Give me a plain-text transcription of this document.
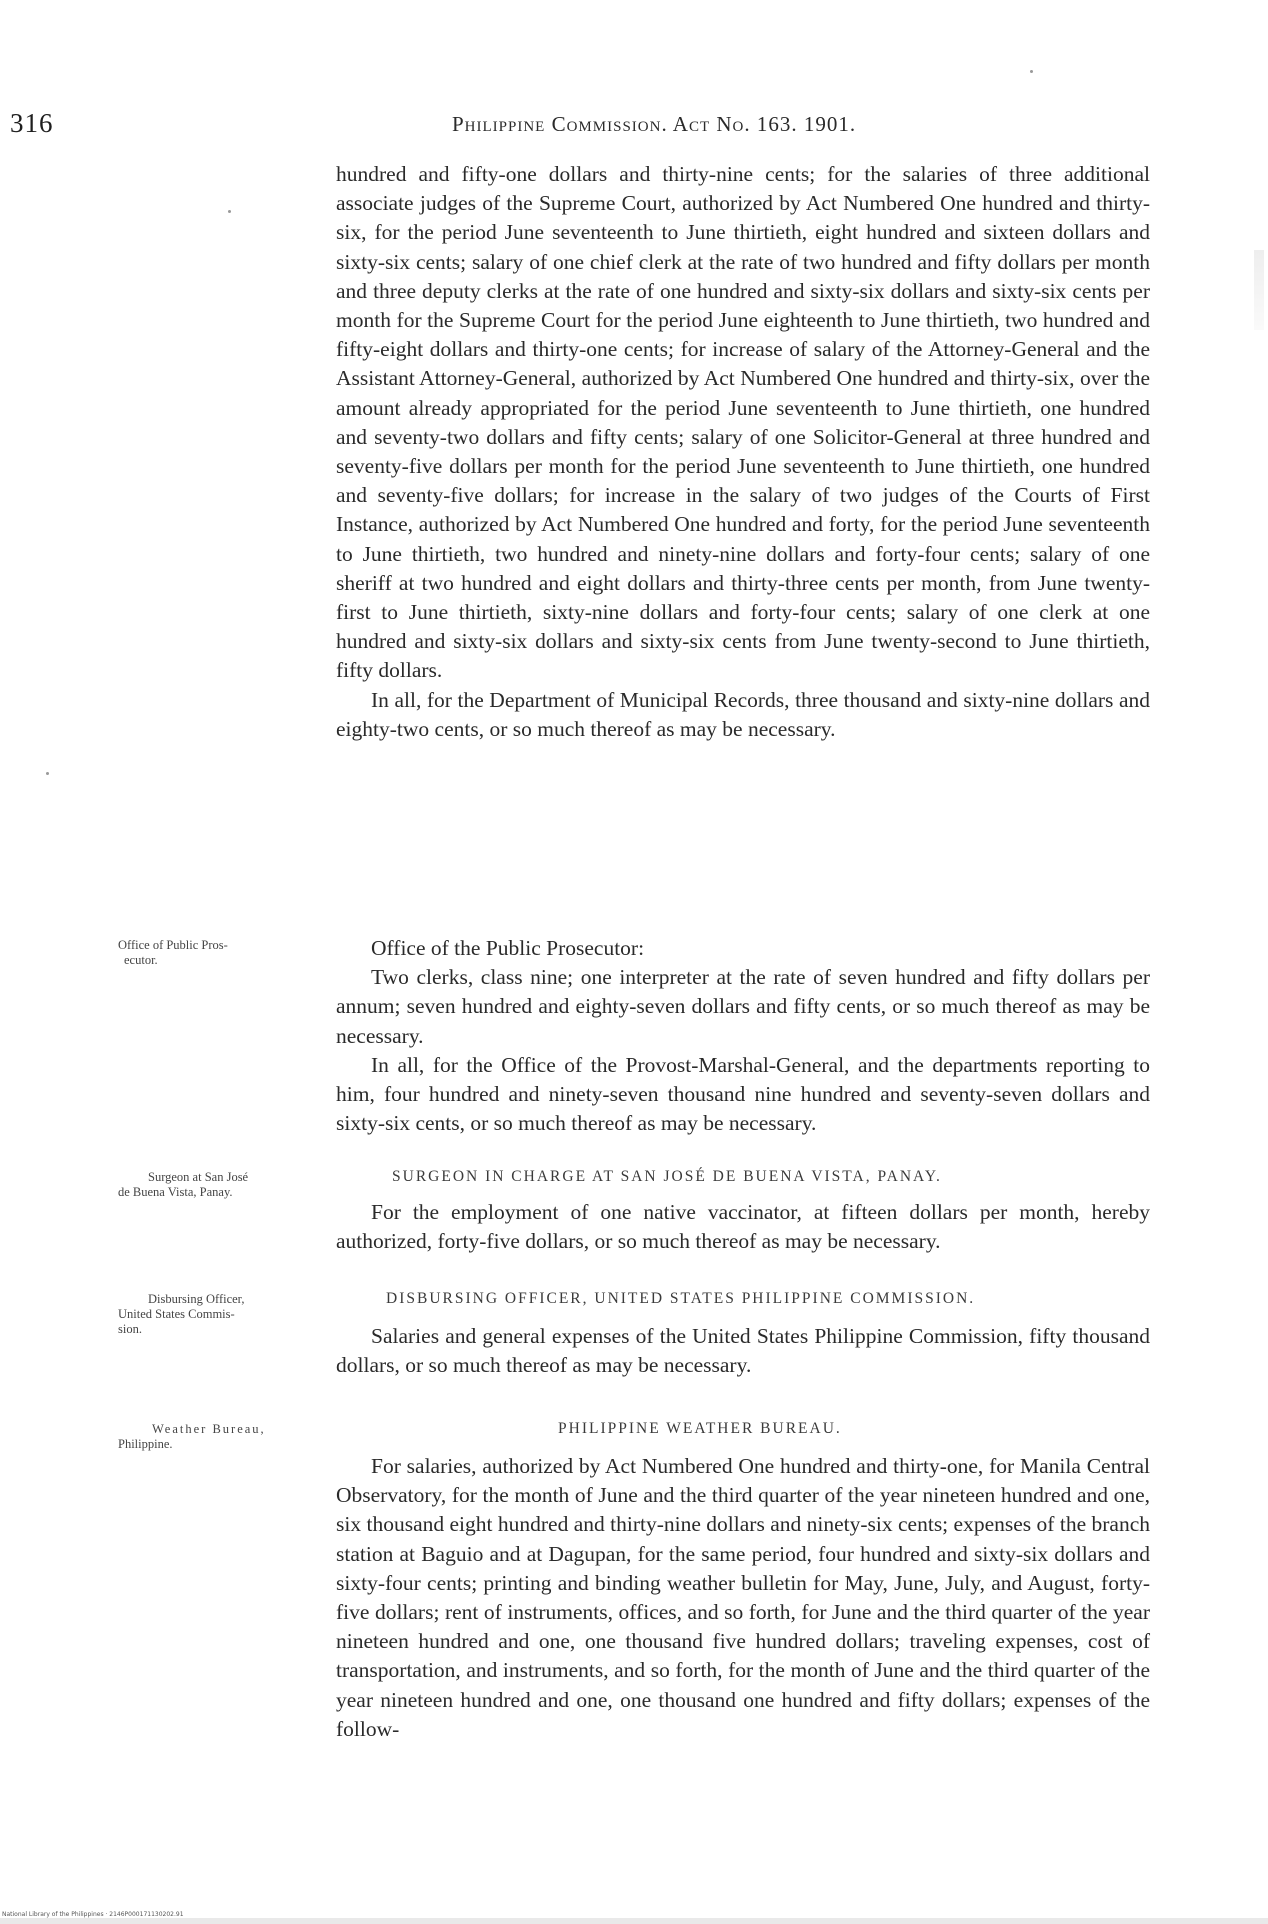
316	Philippine Commission. Act No. 163. 1901.

hundred and fifty-one dollars and thirty-nine cents; for the salaries of three additional associate judges of the Supreme Court, authorized by Act Numbered One hundred and thirty-six, for the period June seventeenth to June thirtieth, eight hundred and sixteen dollars and sixty-six cents; salary of one chief clerk at the rate of two hundred and fifty dollars per month and three deputy clerks at the rate of one hundred and sixty-six dollars and sixty-six cents per month for the Supreme Court for the period June eighteenth to June thirtieth, two hundred and fifty-eight dollars and thirty-one cents; for increase of salary of the Attorney-General and the Assistant Attorney-General, authorized by Act Numbered One hundred and thirty-six, over the amount already appropriated for the period June seventeenth to June thirtieth, one hundred and seventy-two dollars and fifty cents; salary of one Solicitor-General at three hundred and seventy-five dollars per month for the period June seventeenth to June thirtieth, one hundred and seventy-five dollars; for increase in the salary of two judges of the Courts of First Instance, authorized by Act Numbered One hundred and forty, for the period June seventeenth to June thirtieth, two hundred and ninety-nine dollars and forty-four cents; salary of one sheriff at two hundred and eight dollars and thirty-three cents per month, from June twenty-first to June thirtieth, sixty-nine dollars and forty-four cents; salary of one clerk at one hundred and sixty-six dollars and sixty-six cents from June twenty-second to June thirtieth, fifty dollars.

In all, for the Department of Municipal Records, three thousand and sixty-nine dollars and eighty-two cents, or so much thereof as may be necessary.

Office of Public Pros-
ecutor.	Office of the Public Prosecutor:

Two clerks, class nine; one interpreter at the rate of seven hundred and fifty dollars per annum; seven hundred and eighty-seven dollars and fifty cents, or so much thereof as may be necessary.

In all, for the Office of the Provost-Marshal-General, and the departments reporting to him, four hundred and ninety-seven thousand nine hundred and seventy-seven dollars and sixty-six cents, or so much thereof as may be necessary.

Surgeon at San José
de Buena Vista, Panay.
SURGEON IN CHARGE AT SAN JOSÉ DE BUENA VISTA, PANAY.

For the employment of one native vaccinator, at fifteen dollars per month, hereby authorized, forty-five dollars, or so much thereof as may be necessary.

Disbursing Officer,
United States Commis-
sion.
DISBURSING OFFICER, UNITED STATES PHILIPPINE COMMISSION.

Salaries and general expenses of the United States Philippine Commission, fifty thousand dollars, or so much thereof as may be necessary.

Weather Bureau,
Philippine.
PHILIPPINE WEATHER BUREAU.

For salaries, authorized by Act Numbered One hundred and thirty-one, for Manila Central Observatory, for the month of June and the third quarter of the year nineteen hundred and one, six thousand eight hundred and thirty-nine dollars and ninety-six cents; expenses of the branch station at Baguio and at Dagupan, for the same period, four hundred and sixty-six dollars and sixty-four cents; printing and binding weather bulletin for May, June, July, and August, forty-five dollars; rent of instruments, offices, and so forth, for June and the third quarter of the year nineteen hundred and one, one thousand five hundred dollars; traveling expenses, cost of transportation, and instruments, and so forth, for the month of June and the third quarter of the year nineteen hundred and one, one thousand one hundred and fifty dollars; expenses of the follow-

National Library of the Philippines · 2146P000171130202.91
